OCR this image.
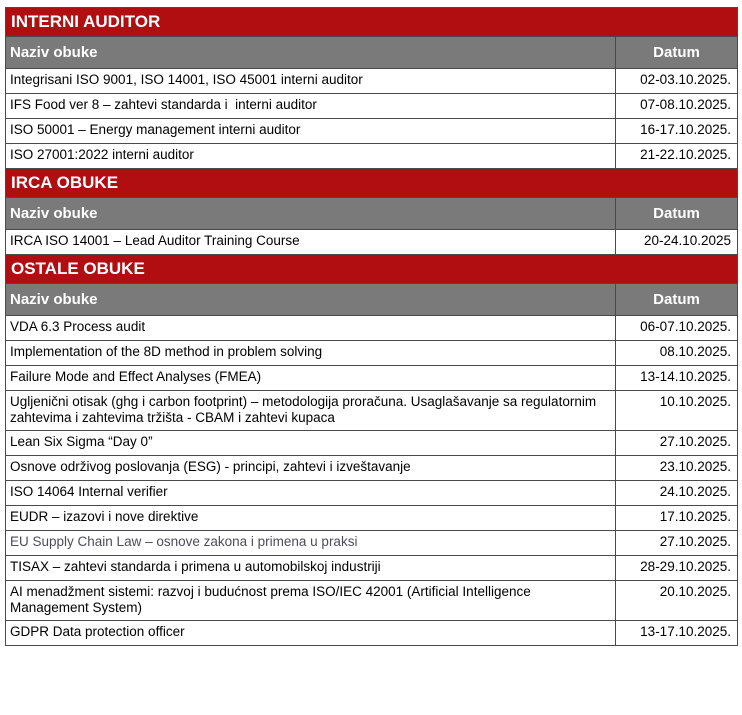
INTERNI AUDITOR	
Naziv obuke	Datum
Integrisani ISO 9001, ISO 14001, ISO 45001 interni auditor	02-03.10.2025.
IFS Food ver 8 – zahtevi standarda i  interni auditor	07-08.10.2025.
ISO 50001 – Energy management interni auditor	16-17.10.2025.
ISO 27001:2022 interni auditor	21-22.10.2025.
IRCA OBUKE	
Naziv obuke	Datum
IRCA ISO 14001 – Lead Auditor Training Course	20-24.10.2025
OSTALE OBUKE	
Naziv obuke	Datum
VDA 6.3 Process audit	06-07.10.2025.
Implementation of the 8D method in problem solving	08.10.2025.
Failure Mode and Effect Analyses (FMEA)	13-14.10.2025.
Ugljenični otisak (ghg i carbon footprint) – metodologija proračuna. Usaglašavanje sa regulatornim zahtevima i zahtevima tržišta - CBAM i zahtevi kupaca	10.10.2025.
Lean Six Sigma “Day 0”	27.10.2025.
Osnove održivog poslovanja (ESG) - principi, zahtevi i izveštavanje	23.10.2025.
ISO 14064 Internal verifier	24.10.2025.
EUDR – izazovi i nove direktive	17.10.2025.
EU Supply Chain Law – osnove zakona i primena u praksi	27.10.2025.
TISAX – zahtevi standarda i primena u automobilskoj industriji	28-29.10.2025.
AI menadžment sistemi: razvoj i budućnost prema ISO/IEC 42001 (Artificial Intelligence Management System)	20.10.2025.
GDPR Data protection officer	13-17.10.2025.
